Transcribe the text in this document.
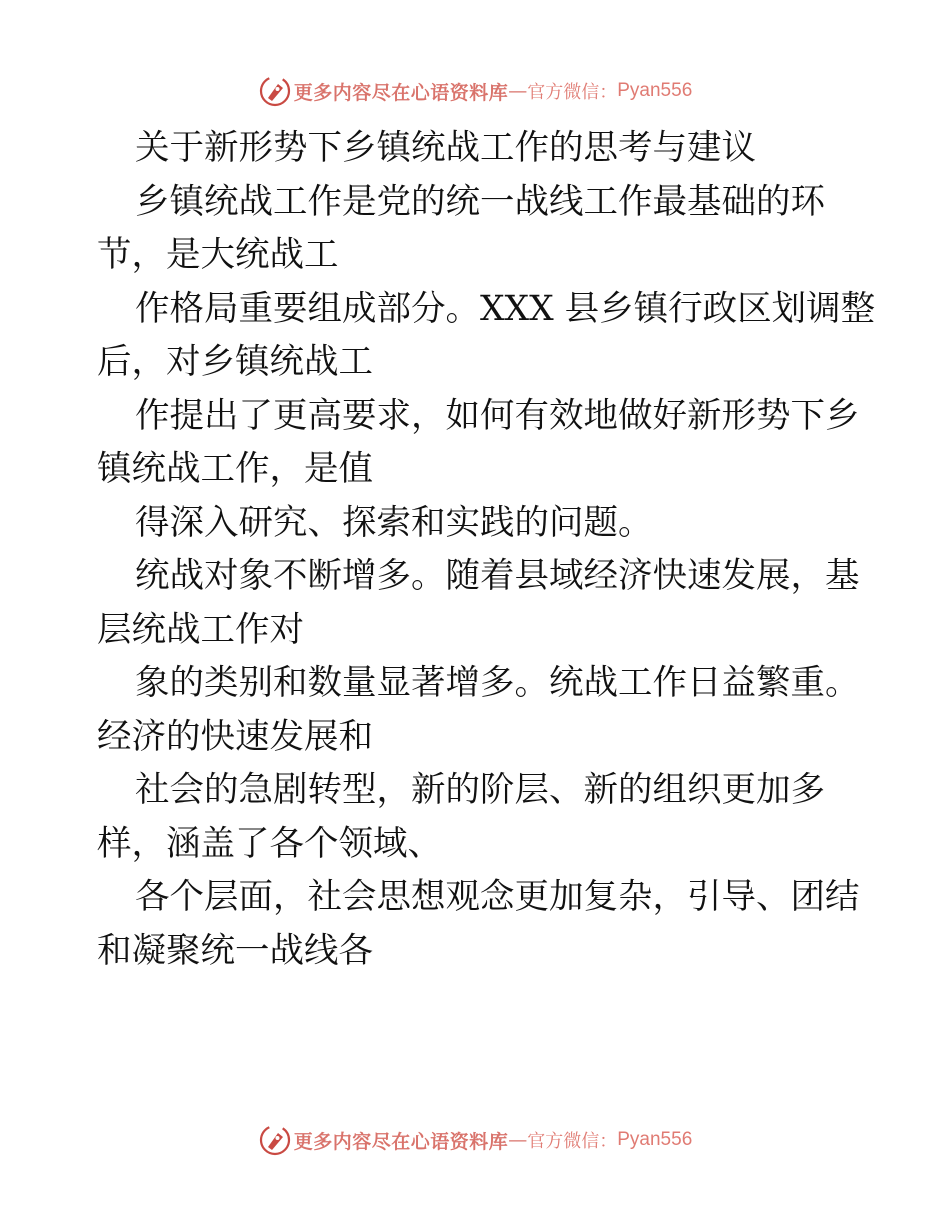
更多内容尽在心语资料库 — 官方微信： Pyan556
关于新形势下乡镇统战工作的思考与建议
乡镇统战工作是党的统一战线工作最基础的环
节，是大统战工
作格局重要组成部分。XXX 县乡镇行政区划调整
后，对乡镇统战工
作提出了更高要求，如何有效地做好新形势下乡
镇统战工作，是值
得深入研究、探索和实践的问题。
统战对象不断增多。随着县域经济快速发展，基
层统战工作对
象的类别和数量显著增多。统战工作日益繁重。
经济的快速发展和
社会的急剧转型，新的阶层、新的组织更加多
样，涵盖了各个领域、
各个层面，社会思想观念更加复杂，引导、团结
和凝聚统一战线各
更多内容尽在心语资料库 — 官方微信： Pyan556
